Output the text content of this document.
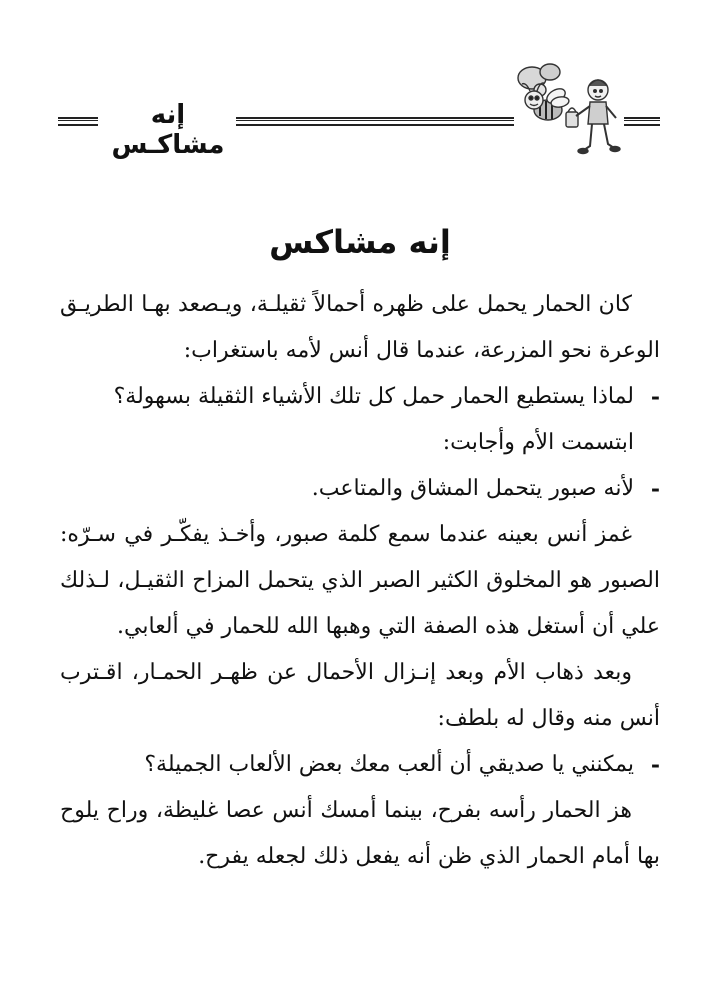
إنه مشاكـس
إنه مشاكس

كان الحمار يحمل على ظهره أحمالاً ثقيلـة، ويـصعد بهـا الطريـق الوعرة نحو المزرعة، عندما قال أنس لأمه باستغراب:

-
لماذا يستطيع الحمار حمل كل تلك الأشياء الثقيلة بسهولة؟

ابتسمت الأم وأجابت:

-
لأنه صبور يتحمل المشاق والمتاعب.

غمز أنس بعينه عندما سمع كلمة صبور، وأخـذ يفكّـر في سـرّه: الصبور هو المخلوق الكثير الصبر الذي يتحمل المزاح الثقيـل، لـذلك علي أن أستغل هذه الصفة التي وهبها الله للحمار في ألعابي.

وبعد ذهاب الأم وبعد إنـزال الأحمال عن ظهـر الحمـار، اقـترب أنس منه وقال له بلطف:

-
يمكنني يا صديقي أن ألعب معك بعض الألعاب الجميلة؟

هز الحمار رأسه بفرح، بينما أمسك أنس عصا غليظة، وراح يلوح بها أمام الحمار الذي ظن أنه يفعل ذلك لجعله يفرح.
